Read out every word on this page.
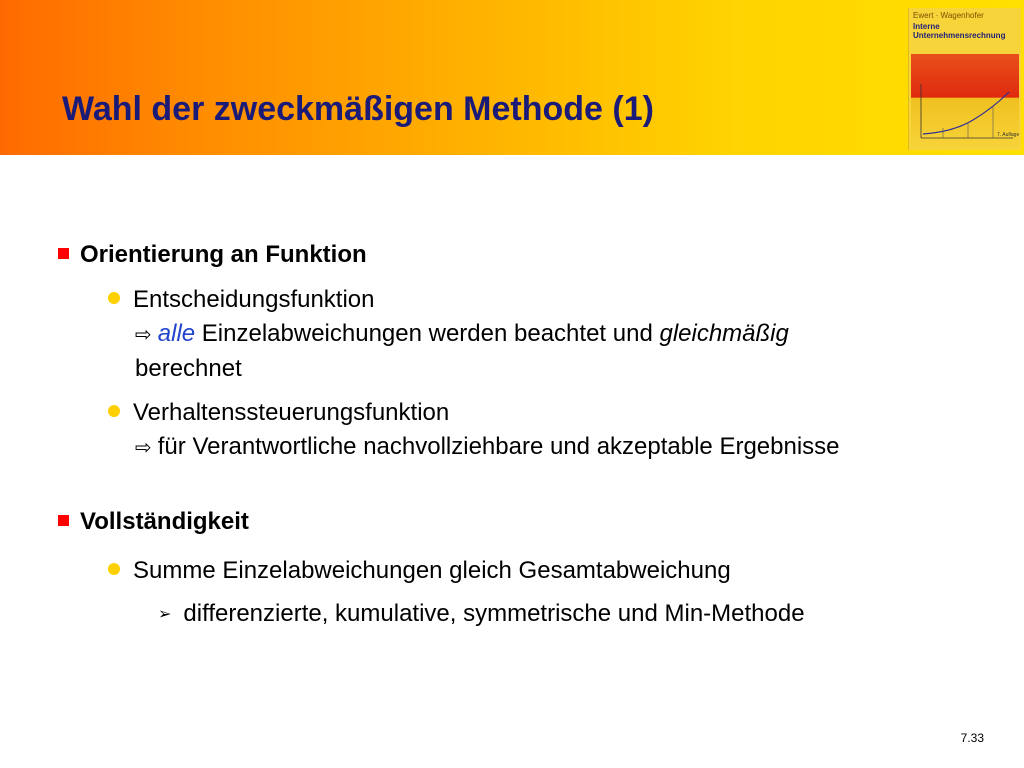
Wahl der zweckmäßigen Methode (1)
Ewert · Wagenhofer
Interne Unternehmensrechnung
7. Auflage
Orientierung an Funktion
Entscheidungsfunktion
⇨ alle Einzelabweichungen werden beachtet und gleichmäßig
berechnet
Verhaltenssteuerungsfunktion
⇨ für Verantwortliche nachvollziehbare und akzeptable Ergebnisse
Vollständigkeit
Summe Einzelabweichungen gleich Gesamtabweichung
➢ differenzierte, kumulative, symmetrische und Min-Methode
7.33
